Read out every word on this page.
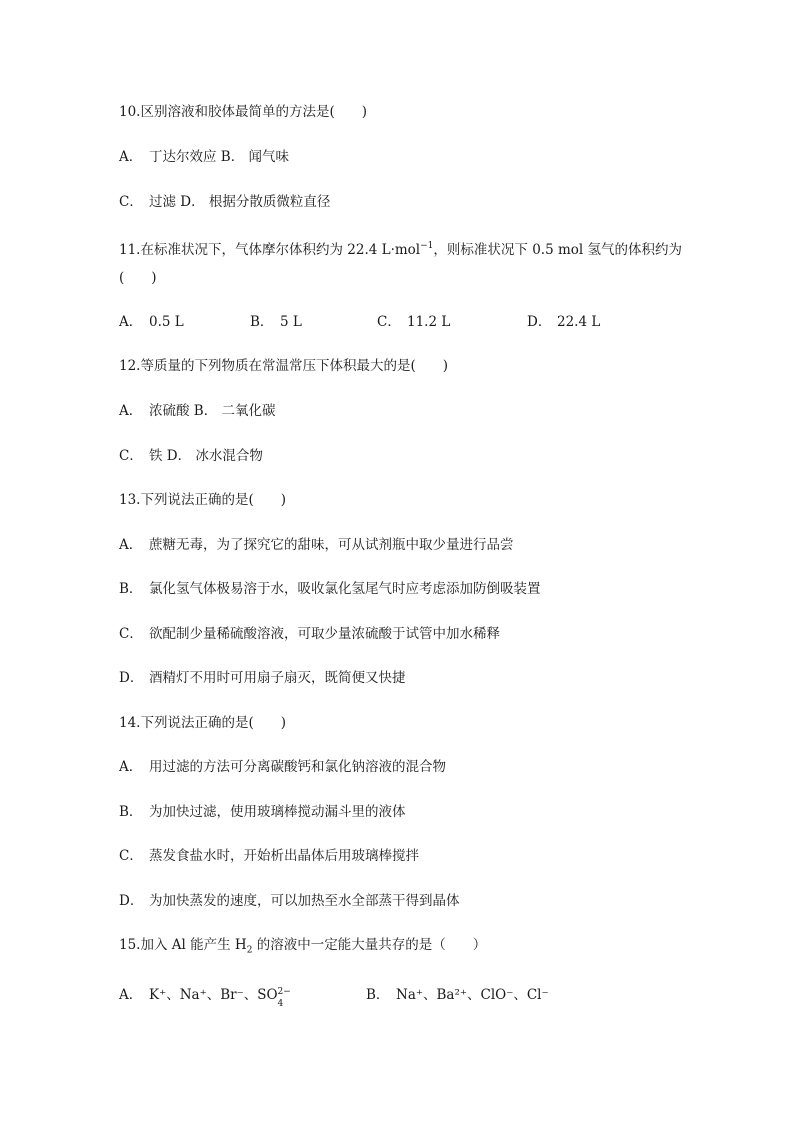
10.区别溶液和胶体最简单的方法是(　　)
A． 丁达尔效应 B． 闻气味
C． 过滤 D． 根据分散质微粒直径
11.在标准状况下，气体摩尔体积约为 22.4 L·mol$^{-1}$，则标准状况下 0.5 mol 氢气的体积约为
(　　)
A． 0.5 L	B． 5 L	C． 11.2 L	D． 22.4 L
12.等质量的下列物质在常温常压下体积最大的是(　　)
A． 浓硫酸 B． 二氧化碳
C． 铁 D． 冰水混合物
13.下列说法正确的是(　　)
A． 蔗糖无毒，为了探究它的甜味，可从试剂瓶中取少量进行品尝
B． 氯化氢气体极易溶于水，吸收氯化氢尾气时应考虑添加防倒吸装置
C． 欲配制少量稀硫酸溶液，可取少量浓硫酸于试管中加水稀释
D． 酒精灯不用时可用扇子扇灭，既简便又快捷
14.下列说法正确的是(　　)
A． 用过滤的方法可分离碳酸钙和氯化钠溶液的混合物
B． 为加快过滤，使用玻璃棒搅动漏斗里的液体
C． 蒸发食盐水时，开始析出晶体后用玻璃棒搅拌
D． 为加快蒸发的速度，可以加热至水全部蒸干得到晶体
15.加入 Al 能产生 $H_2$ 的溶液中一定能大量共存的是（　　）
A． K⁺、Na⁺、Br⁻、SO 2−
4
B． Na⁺、Ba²⁺、ClO⁻、Cl⁻
